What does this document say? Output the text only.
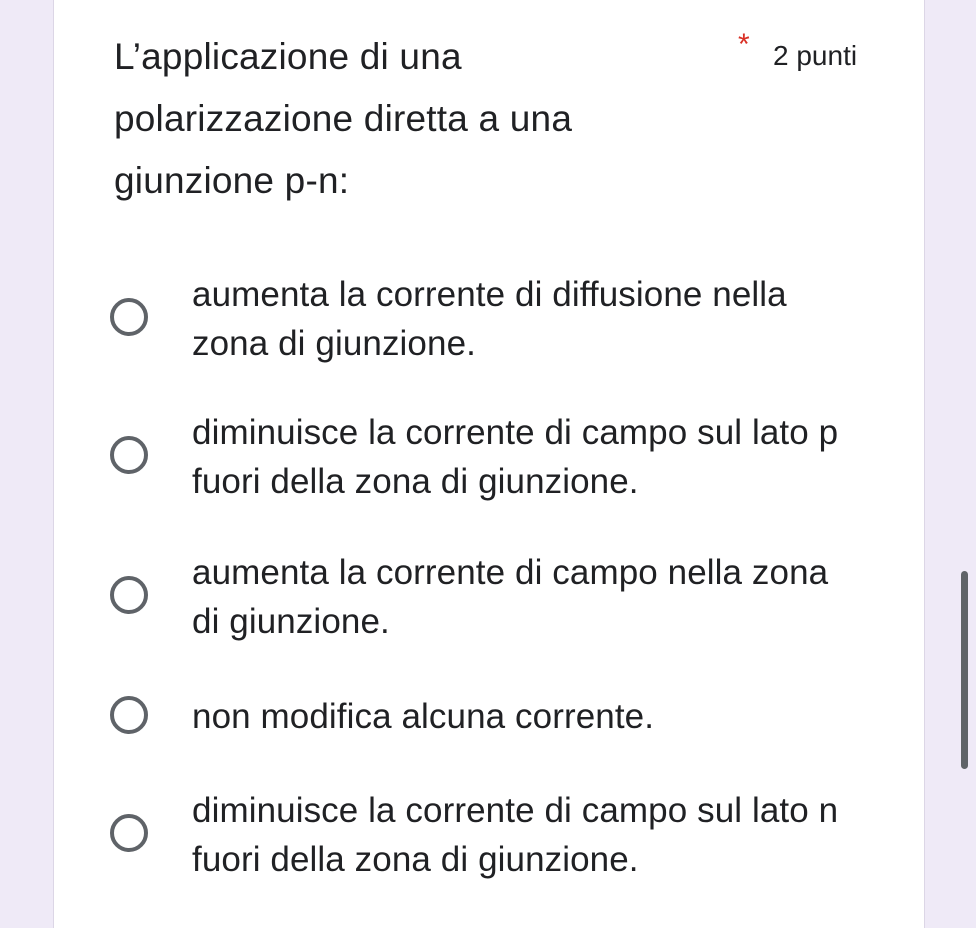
L’applicazione di una polarizzazione diretta a una giunzione p-n:
* 2 punti
aumenta la corrente di diffusione nella zona di giunzione.
diminuisce la corrente di campo sul lato p fuori della zona di giunzione.
aumenta la corrente di campo nella zona di giunzione.
non modifica alcuna corrente.
diminuisce la corrente di campo sul lato n fuori della zona di giunzione.
